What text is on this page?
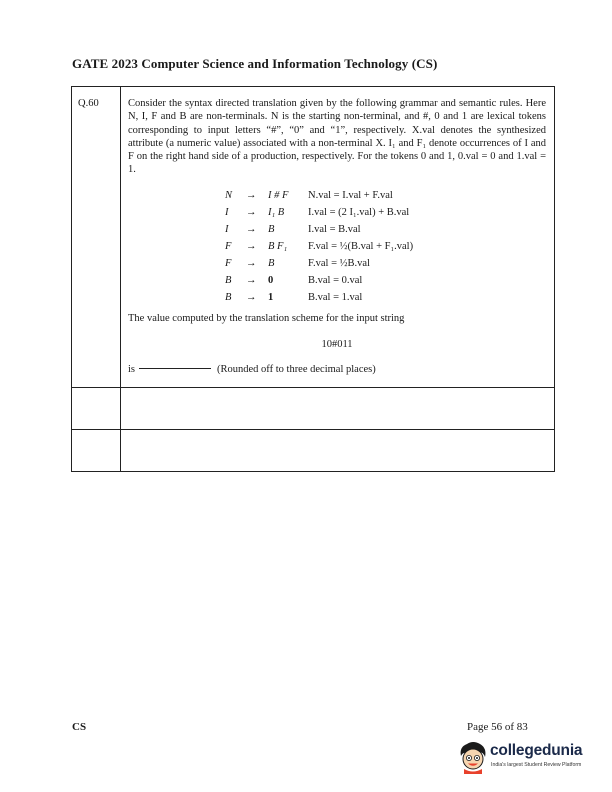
GATE 2023 Computer Science and Information Technology (CS)
Q.60	Consider the syntax directed translation given by the following grammar and semantic rules. Here N, I, F and B are non-terminals. N is the starting non-terminal, and #, 0 and 1 are lexical tokens corresponding to input letters “#”, “0” and “1”, respectively. X.val denotes the synthesized attribute (a numeric value) associated with a non-terminal X. I₁ and F₁ denote occurrences of I and F on the right hand side of a production, respectively. For the tokens 0 and 1, 0.val = 0 and 1.val = 1.

N	→	I # F	N.val = I.val + F.val
I	→	I₁ B	I.val = (2 I₁.val) + B.val
I	→	B	I.val = B.val
F	→	B F₁	F.val = ½(B.val + F₁.val)
F	→	B	F.val = ½B.val
B	→	0	B.val = 0.val
B	→	1	B.val = 1.val
The value computed by the translation scheme for the input string
10#011
is	(Rounded off to three decimal places)

CS	Page 56 of 83
collegedunia
India's largest Student Review Platform
